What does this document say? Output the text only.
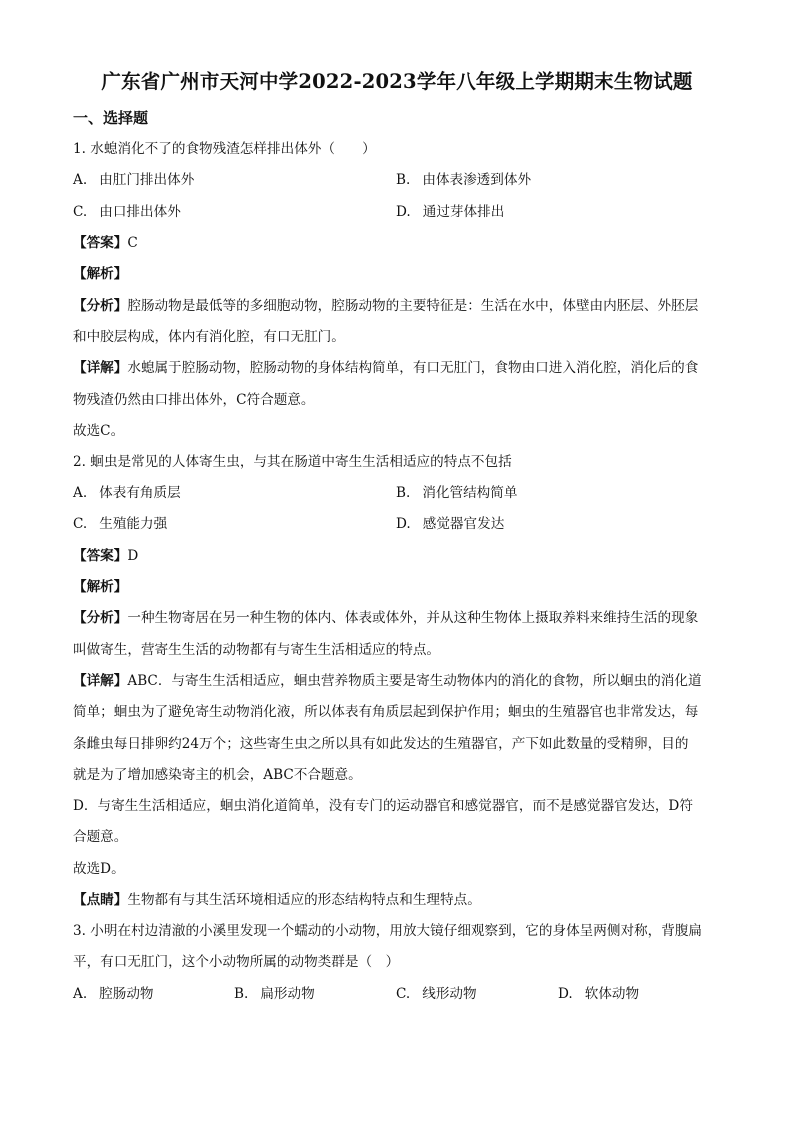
广东省广州市天河中学2022-2023学年八年级上学期期末生物试题
一、选择题
1. 水螅消化不了的食物残渣怎样排出体外（　　）
A. 由肛门排出体外	B. 由体表渗透到体外
C. 由口排出体外	D. 通过芽体排出
【答案】C
【解析】
【分析】腔肠动物是最低等的多细胞动物，腔肠动物的主要特征是：生活在水中，体壁由内胚层、外胚层
和中胶层构成，体内有消化腔，有口无肛门。
【详解】水螅属于腔肠动物，腔肠动物的身体结构简单，有口无肛门，食物由口进入消化腔，消化后的食
物残渣仍然由口排出体外，C符合题意。
故选C。
2. 蛔虫是常见的人体寄生虫，与其在肠道中寄生生活相适应的特点不包括
A. 体表有角质层	B. 消化管结构简单
C. 生殖能力强	D. 感觉器官发达
【答案】D
【解析】
【分析】一种生物寄居在另一种生物的体内、体表或体外，并从这种生物体上摄取养料来维持生活的现象
叫做寄生，营寄生生活的动物都有与寄生生活相适应的特点。
【详解】ABC．与寄生生活相适应，蛔虫营养物质主要是寄生动物体内的消化的食物，所以蛔虫的消化道
简单；蛔虫为了避免寄生动物消化液，所以体表有角质层起到保护作用；蛔虫的生殖器官也非常发达，每
条雌虫每日排卵约24万个；这些寄生虫之所以具有如此发达的生殖器官，产下如此数量的受精卵，目的
就是为了增加感染寄主的机会，ABC不合题意。
D．与寄生生活相适应，蛔虫消化道简单，没有专门的运动器官和感觉器官，而不是感觉器官发达，D符
合题意。
故选D。
【点睛】生物都有与其生活环境相适应的形态结构特点和生理特点。
3. 小明在村边清澈的小溪里发现一个蠕动的小动物，用放大镜仔细观察到，它的身体呈两侧对称，背腹扁
平，有口无肛门，这个小动物所属的动物类群是（　）
A. 腔肠动物	B. 扁形动物	C. 线形动物	D. 软体动物
